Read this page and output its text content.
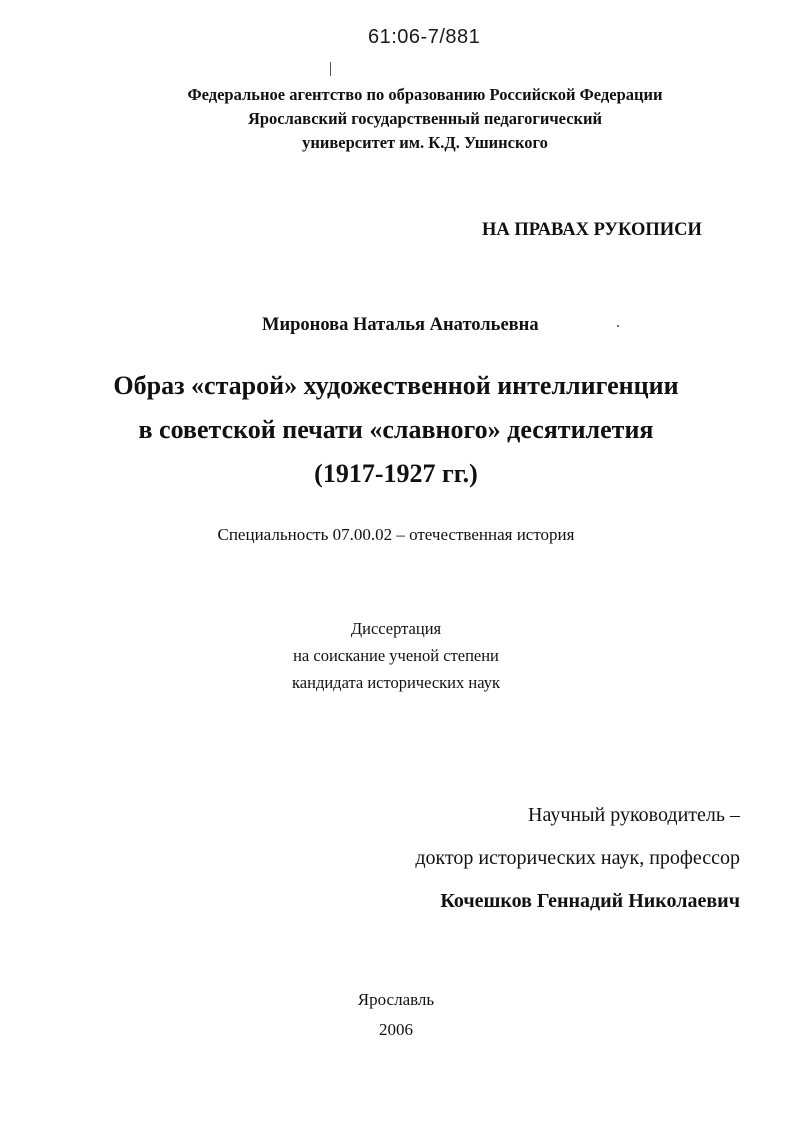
61:06-7/881
Федеральное агентство по образованию Российской Федерации
Ярославский государственный педагогический
университет им. К.Д. Ушинского
НА ПРАВАХ РУКОПИСИ
Миронова Наталья Анатольевна
Образ «старой» художественной интеллигенции
в советской печати «славного» десятилетия
(1917-1927 гг.)
Специальность 07.00.02 – отечественная история
Диссертация
на соискание ученой степени
кандидата исторических наук
Научный руководитель –
доктор исторических наук, профессор
Кочешков Геннадий Николаевич
Ярославль
2006
